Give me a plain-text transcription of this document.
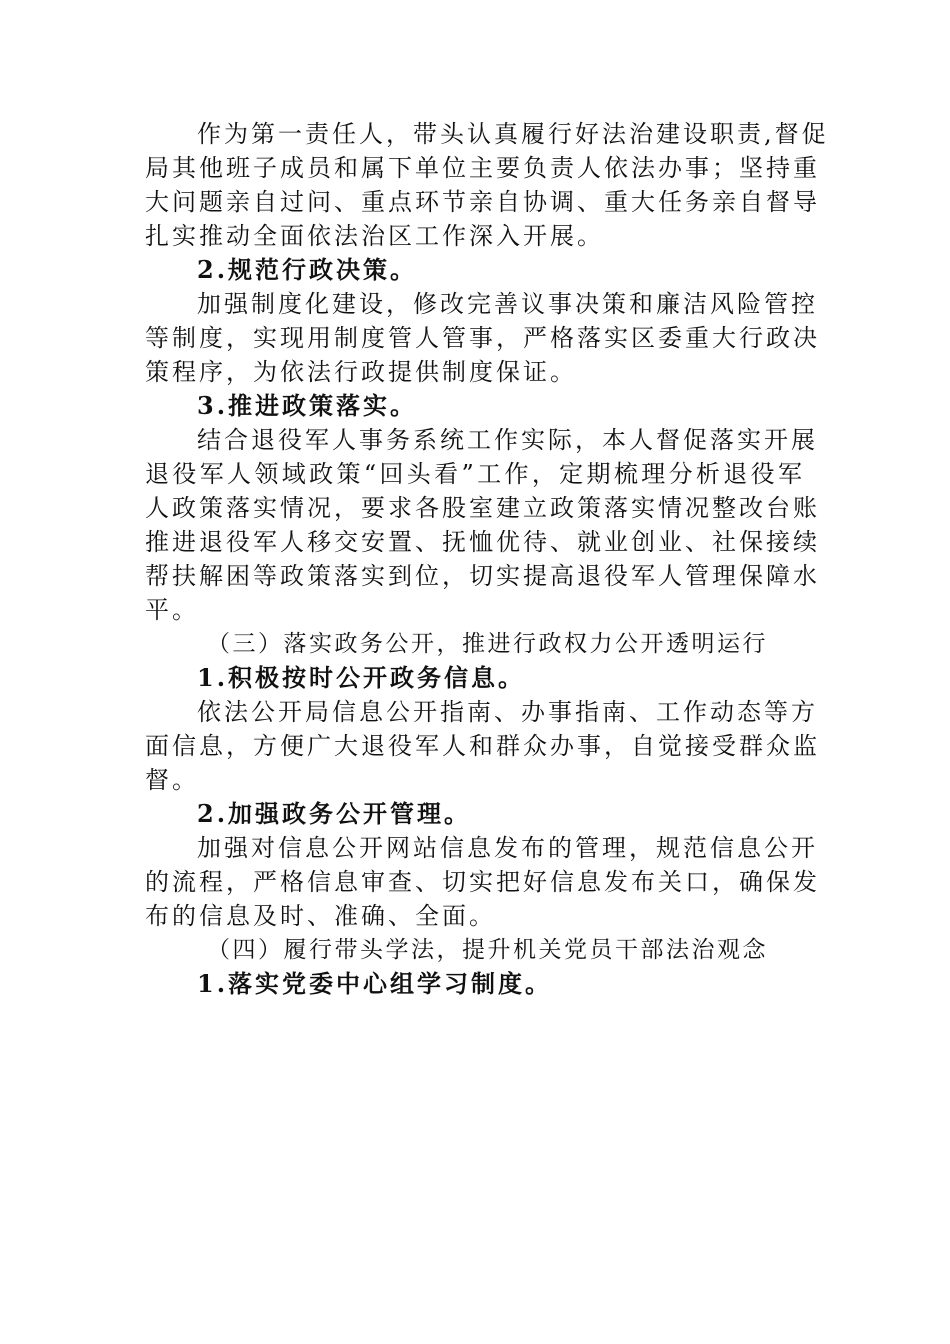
作为第一责任人，带头认真履行好法治建设职责,督促
局其他班子成员和属下单位主要负责人依法办事；坚持重
大问题亲自过问、重点环节亲自协调、重大任务亲自督导
扎实推动全面依法治区工作深入开展。
2.规范行政决策。
加强制度化建设，修改完善议事决策和廉洁风险管控
等制度，实现用制度管人管事，严格落实区委重大行政决
策程序，为依法行政提供制度保证。
3.推进政策落实。
结合退役军人事务系统工作实际，本人督促落实开展
退役军人领域政策“回头看”工作，定期梳理分析退役军
人政策落实情况，要求各股室建立政策落实情况整改台账
推进退役军人移交安置、抚恤优待、就业创业、社保接续
帮扶解困等政策落实到位，切实提高退役军人管理保障水
平。
（三）落实政务公开，推进行政权力公开透明运行
1.积极按时公开政务信息。
依法公开局信息公开指南、办事指南、工作动态等方
面信息，方便广大退役军人和群众办事，自觉接受群众监
督。
2.加强政务公开管理。
加强对信息公开网站信息发布的管理，规范信息公开
的流程，严格信息审查、切实把好信息发布关口，确保发
布的信息及时、准确、全面。
（四）履行带头学法，提升机关党员干部法治观念
1.落实党委中心组学习制度。
